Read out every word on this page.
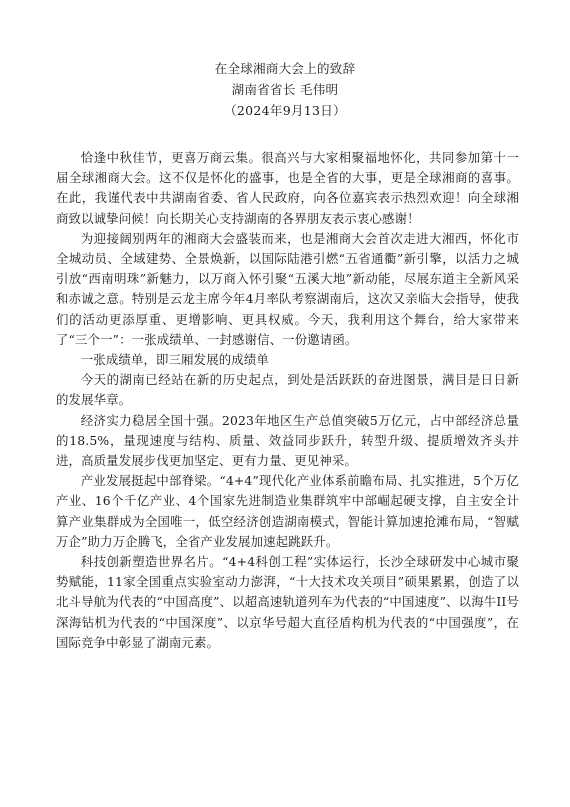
在全球湘商大会上的致辞
湖南省省长 毛伟明
（2024年9月13日）

恰逢中秋佳节，更喜万商云集。很高兴与大家相聚福地怀化，共同参加第十一届全球湘商大会。这不仅是怀化的盛事，也是全省的大事，更是全球湘商的喜事。在此，我谨代表中共湖南省委、省人民政府，向各位嘉宾表示热烈欢迎！向全球湘商致以诚挚问候！向长期关心支持湖南的各界朋友表示衷心感谢！

为迎接阔别两年的湘商大会盛装而来，也是湘商大会首次走进大湘西，怀化市全城动员、全域建势、全景焕新，以国际陆港引燃“五省通衢”新引擎，以活力之城引放“西南明珠”新魅力，以万商入怀引聚“五溪大地”新动能，尽展东道主全新风采和赤诚之意。特别是云龙主席今年4月率队考察湖南后，这次又亲临大会指导，使我们的活动更添厚重、更增影响、更具权威。今天，我利用这个舞台，给大家带来了“三个一”：一张成绩单、一封感谢信、一份邀请函。

一张成绩单，即三厢发展的成绩单

今天的湖南已经站在新的历史起点，到处是活跃跃的奋进图景，满目是日日新的发展华章。

经济实力稳居全国十强。2023年地区生产总值突破5万亿元，占中部经济总量的18.5%，量现速度与结构、质量、效益同步跃升，转型升级、提质增效齐头并进，高质量发展步伐更加坚定、更有力量、更见神采。

产业发展挺起中部脊梁。“4+4”现代化产业体系前瞻布局、扎实推进，5个万亿产业、16个千亿产业、4个国家先进制造业集群筑牢中部崛起硬支撑，自主安全计算产业集群成为全国唯一，低空经济创造湖南模式，智能计算加速抢滩布局，“智赋万企”助力万企腾飞，全省产业发展加速起跳跃升。

科技创新塑造世界名片。“4+4科创工程”实体运行，长沙全球研发中心城市聚势赋能，11家全国重点实验室动力澎湃，“十大技术攻关项目”硕果累累，创造了以北斗导航为代表的“中国高度”、以超高速轨道列车为代表的“中国速度”、以海牛II号深海钻机为代表的“中国深度”、以京华号超大直径盾构机为代表的“中国强度”，在国际竞争中彰显了湖南元素。
